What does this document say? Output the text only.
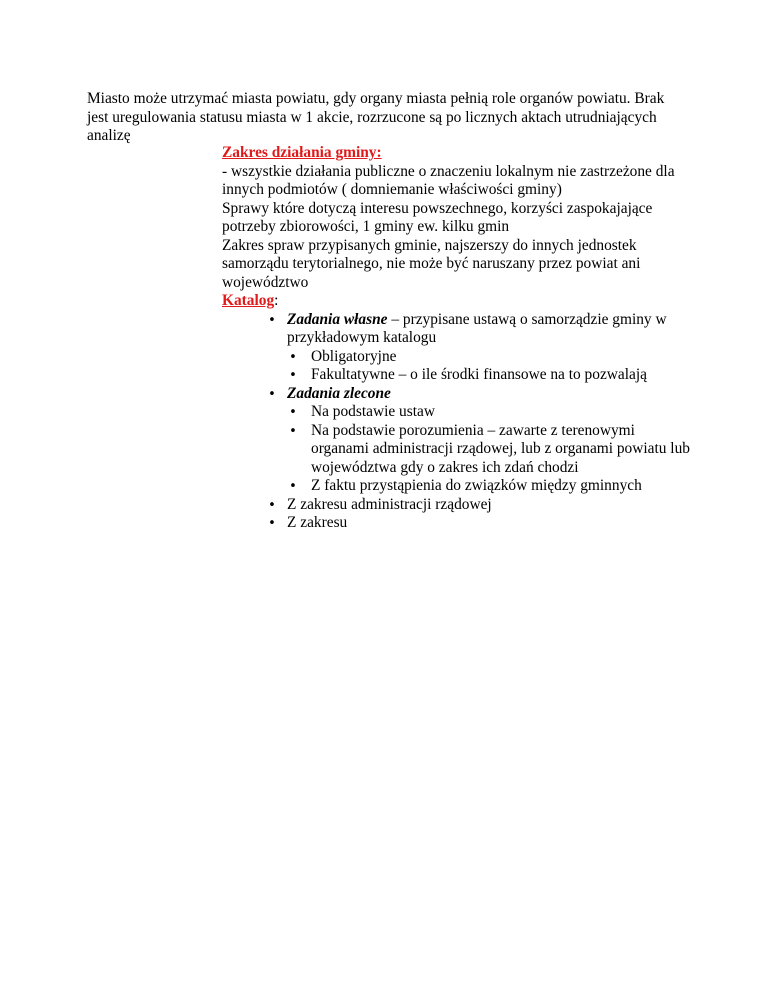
Miasto może utrzymać miasta powiatu, gdy organy miasta pełnią role organów powiatu. Brak jest uregulowania statusu miasta w 1 akcie, rozrzucone są po licznych aktach utrudniających analizę

Zakres działania gminy:

- wszystkie działania publiczne o znaczeniu lokalnym nie zastrzeżone dla innych podmiotów ( domniemanie właściwości gminy)

Sprawy które dotyczą interesu powszechnego, korzyści zaspokajające potrzeby zbiorowości, 1 gminy ew. kilku gmin

Zakres spraw przypisanych gminie, najszerszy do innych jednostek samorządu terytorialnego, nie może być naruszany przez powiat ani województwo

Katalog:

•
Zadania własne – przypisane ustawą o samorządzie gminy w przykładowym katalogu
•
Obligatoryjne
•
Fakultatywne – o ile środki finansowe na to pozwalają
•
Zadania zlecone
•
Na podstawie ustaw
•
Na podstawie porozumienia – zawarte z terenowymi organami administracji rządowej, lub z organami powiatu lub województwa gdy o zakres ich zdań chodzi
•
Z faktu przystąpienia do związków między gminnych
•
Z zakresu administracji rządowej
•
Z zakresu
